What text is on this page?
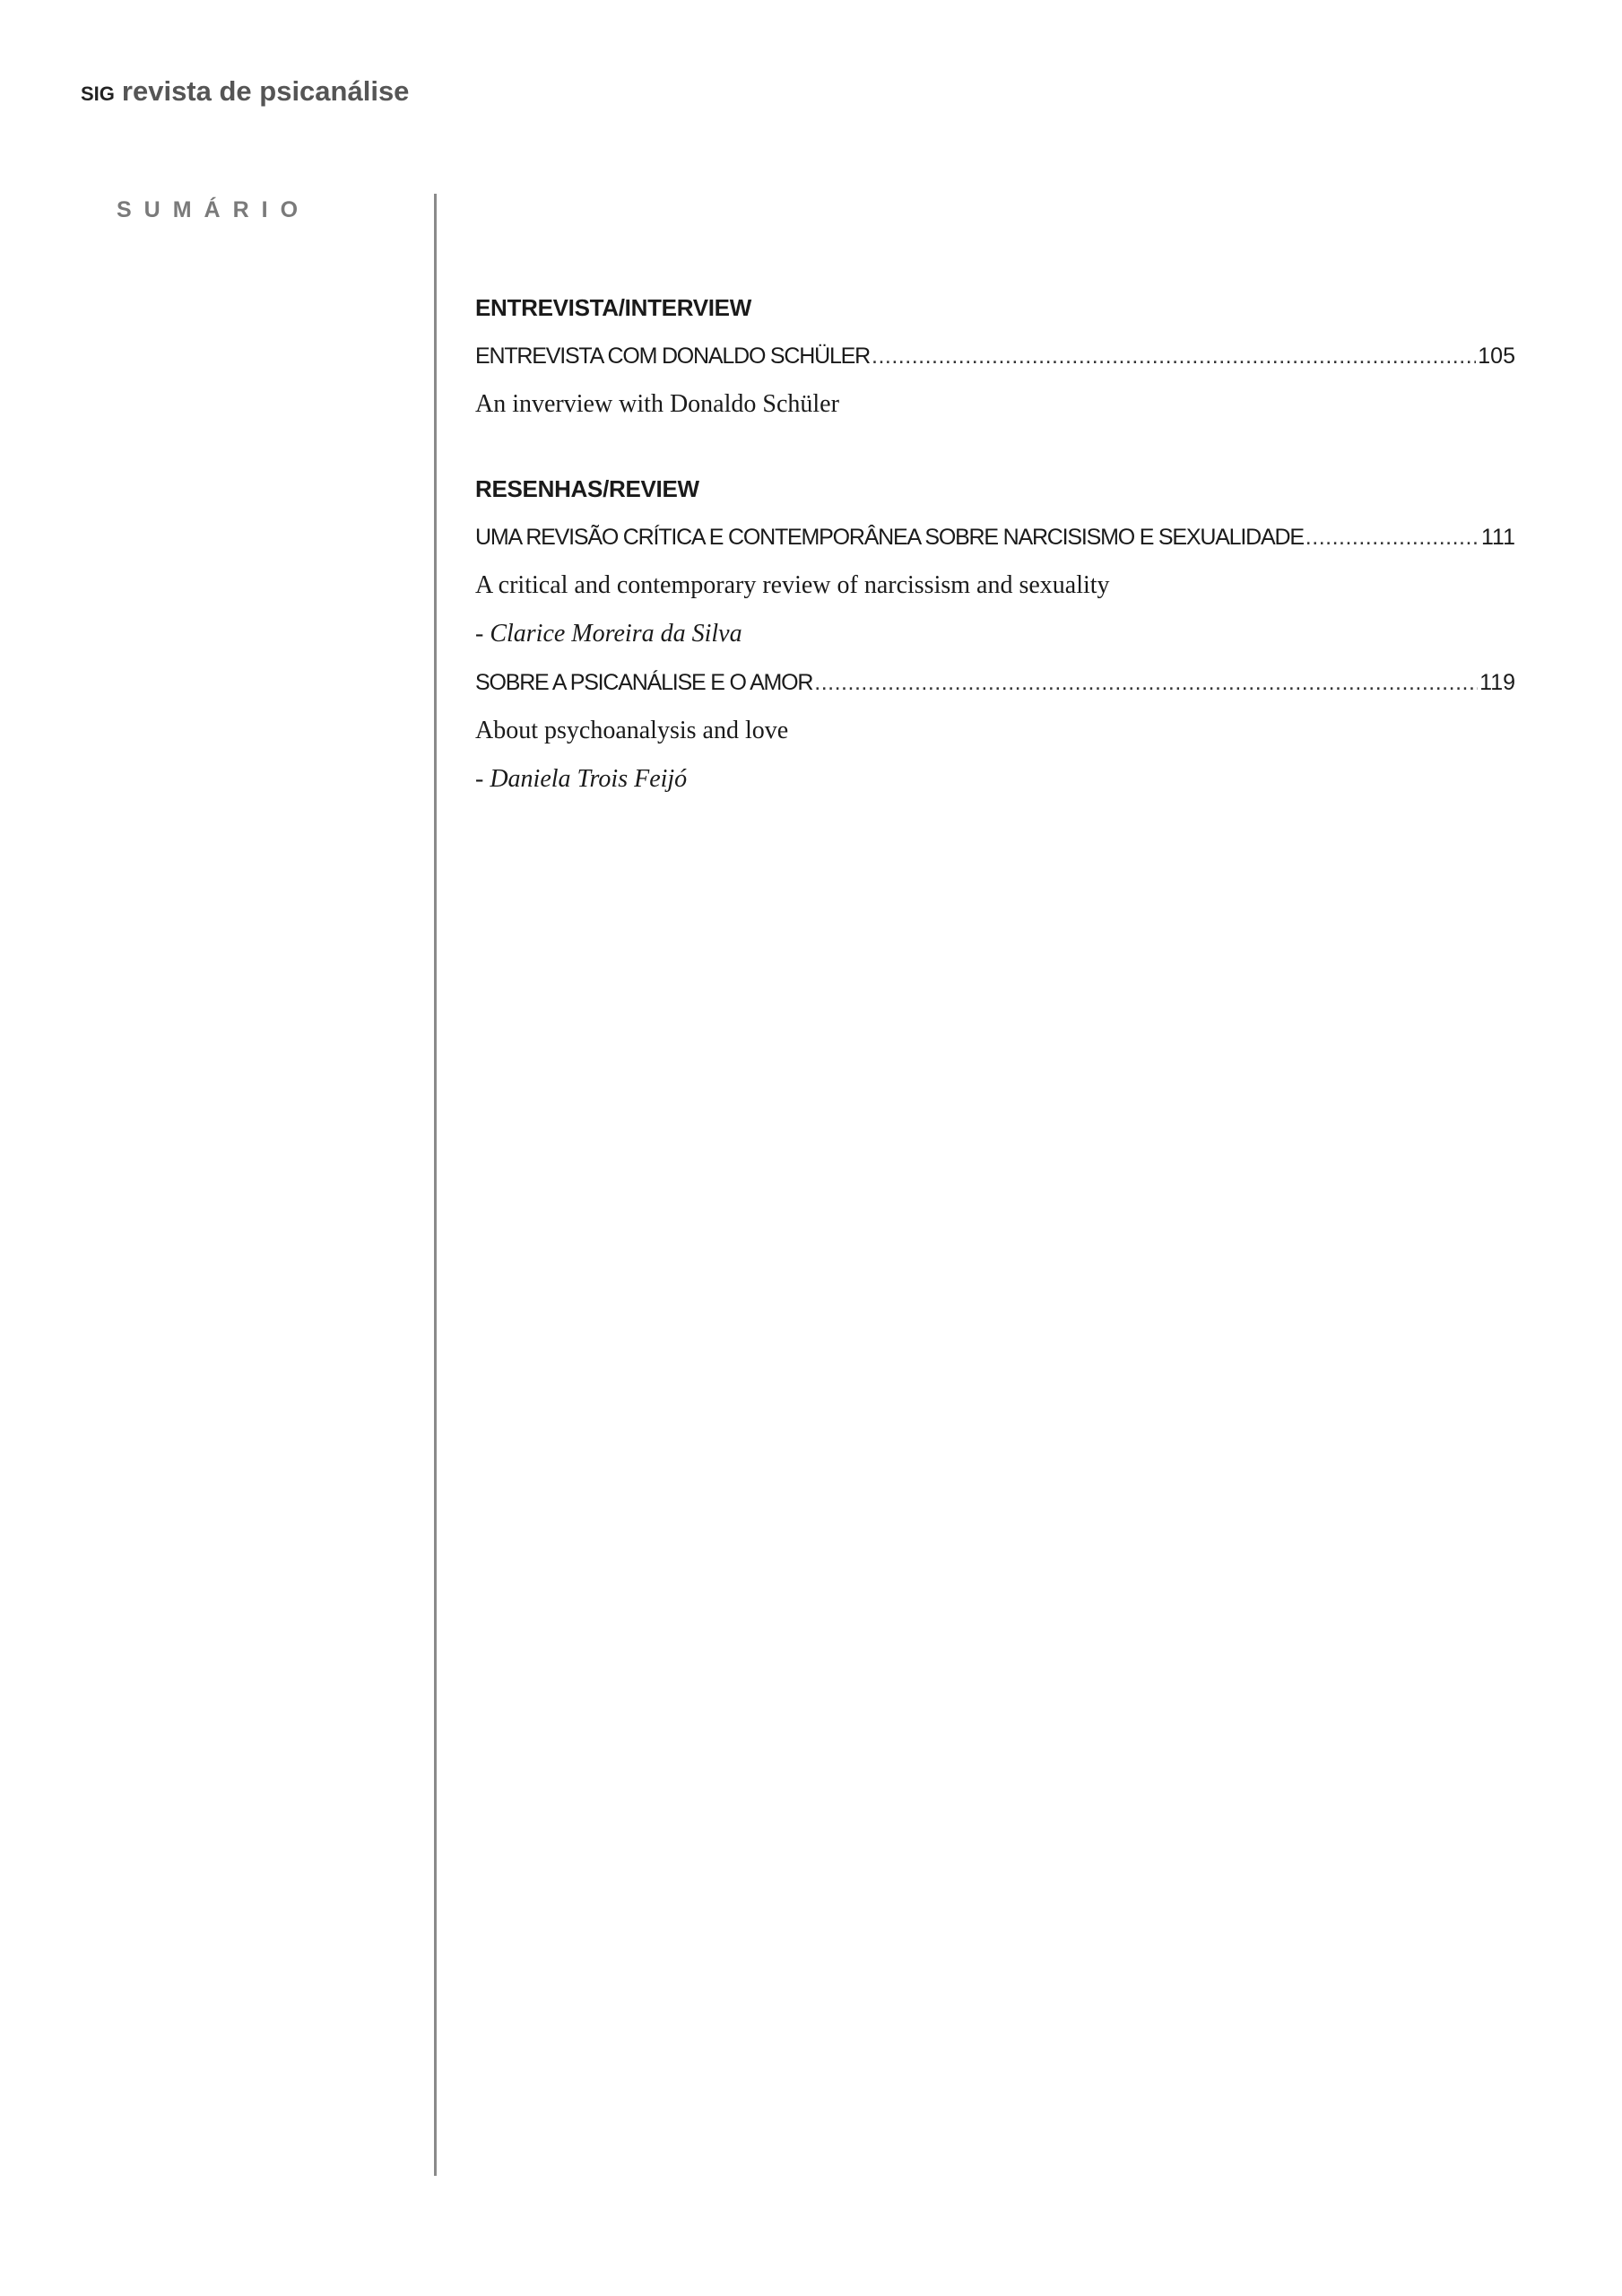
SIG revista de psicanálise
SUMÁRIO
ENTREVISTA/INTERVIEW
ENTREVISTA COM DONALDO SCHÜLER .....	105
An inverview with Donaldo Schüler
RESENHAS/REVIEW
UMA REVISÃO CRÍTICA E CONTEMPORÂNEA SOBRE NARCISISMO E SEXUALIDADE .....	111
A critical and contemporary review of narcissism and sexuality
- Clarice Moreira da Silva
SOBRE A PSICANÁLISE E O AMOR .....	119
About psychoanalysis and love
- Daniela Trois Feijó
